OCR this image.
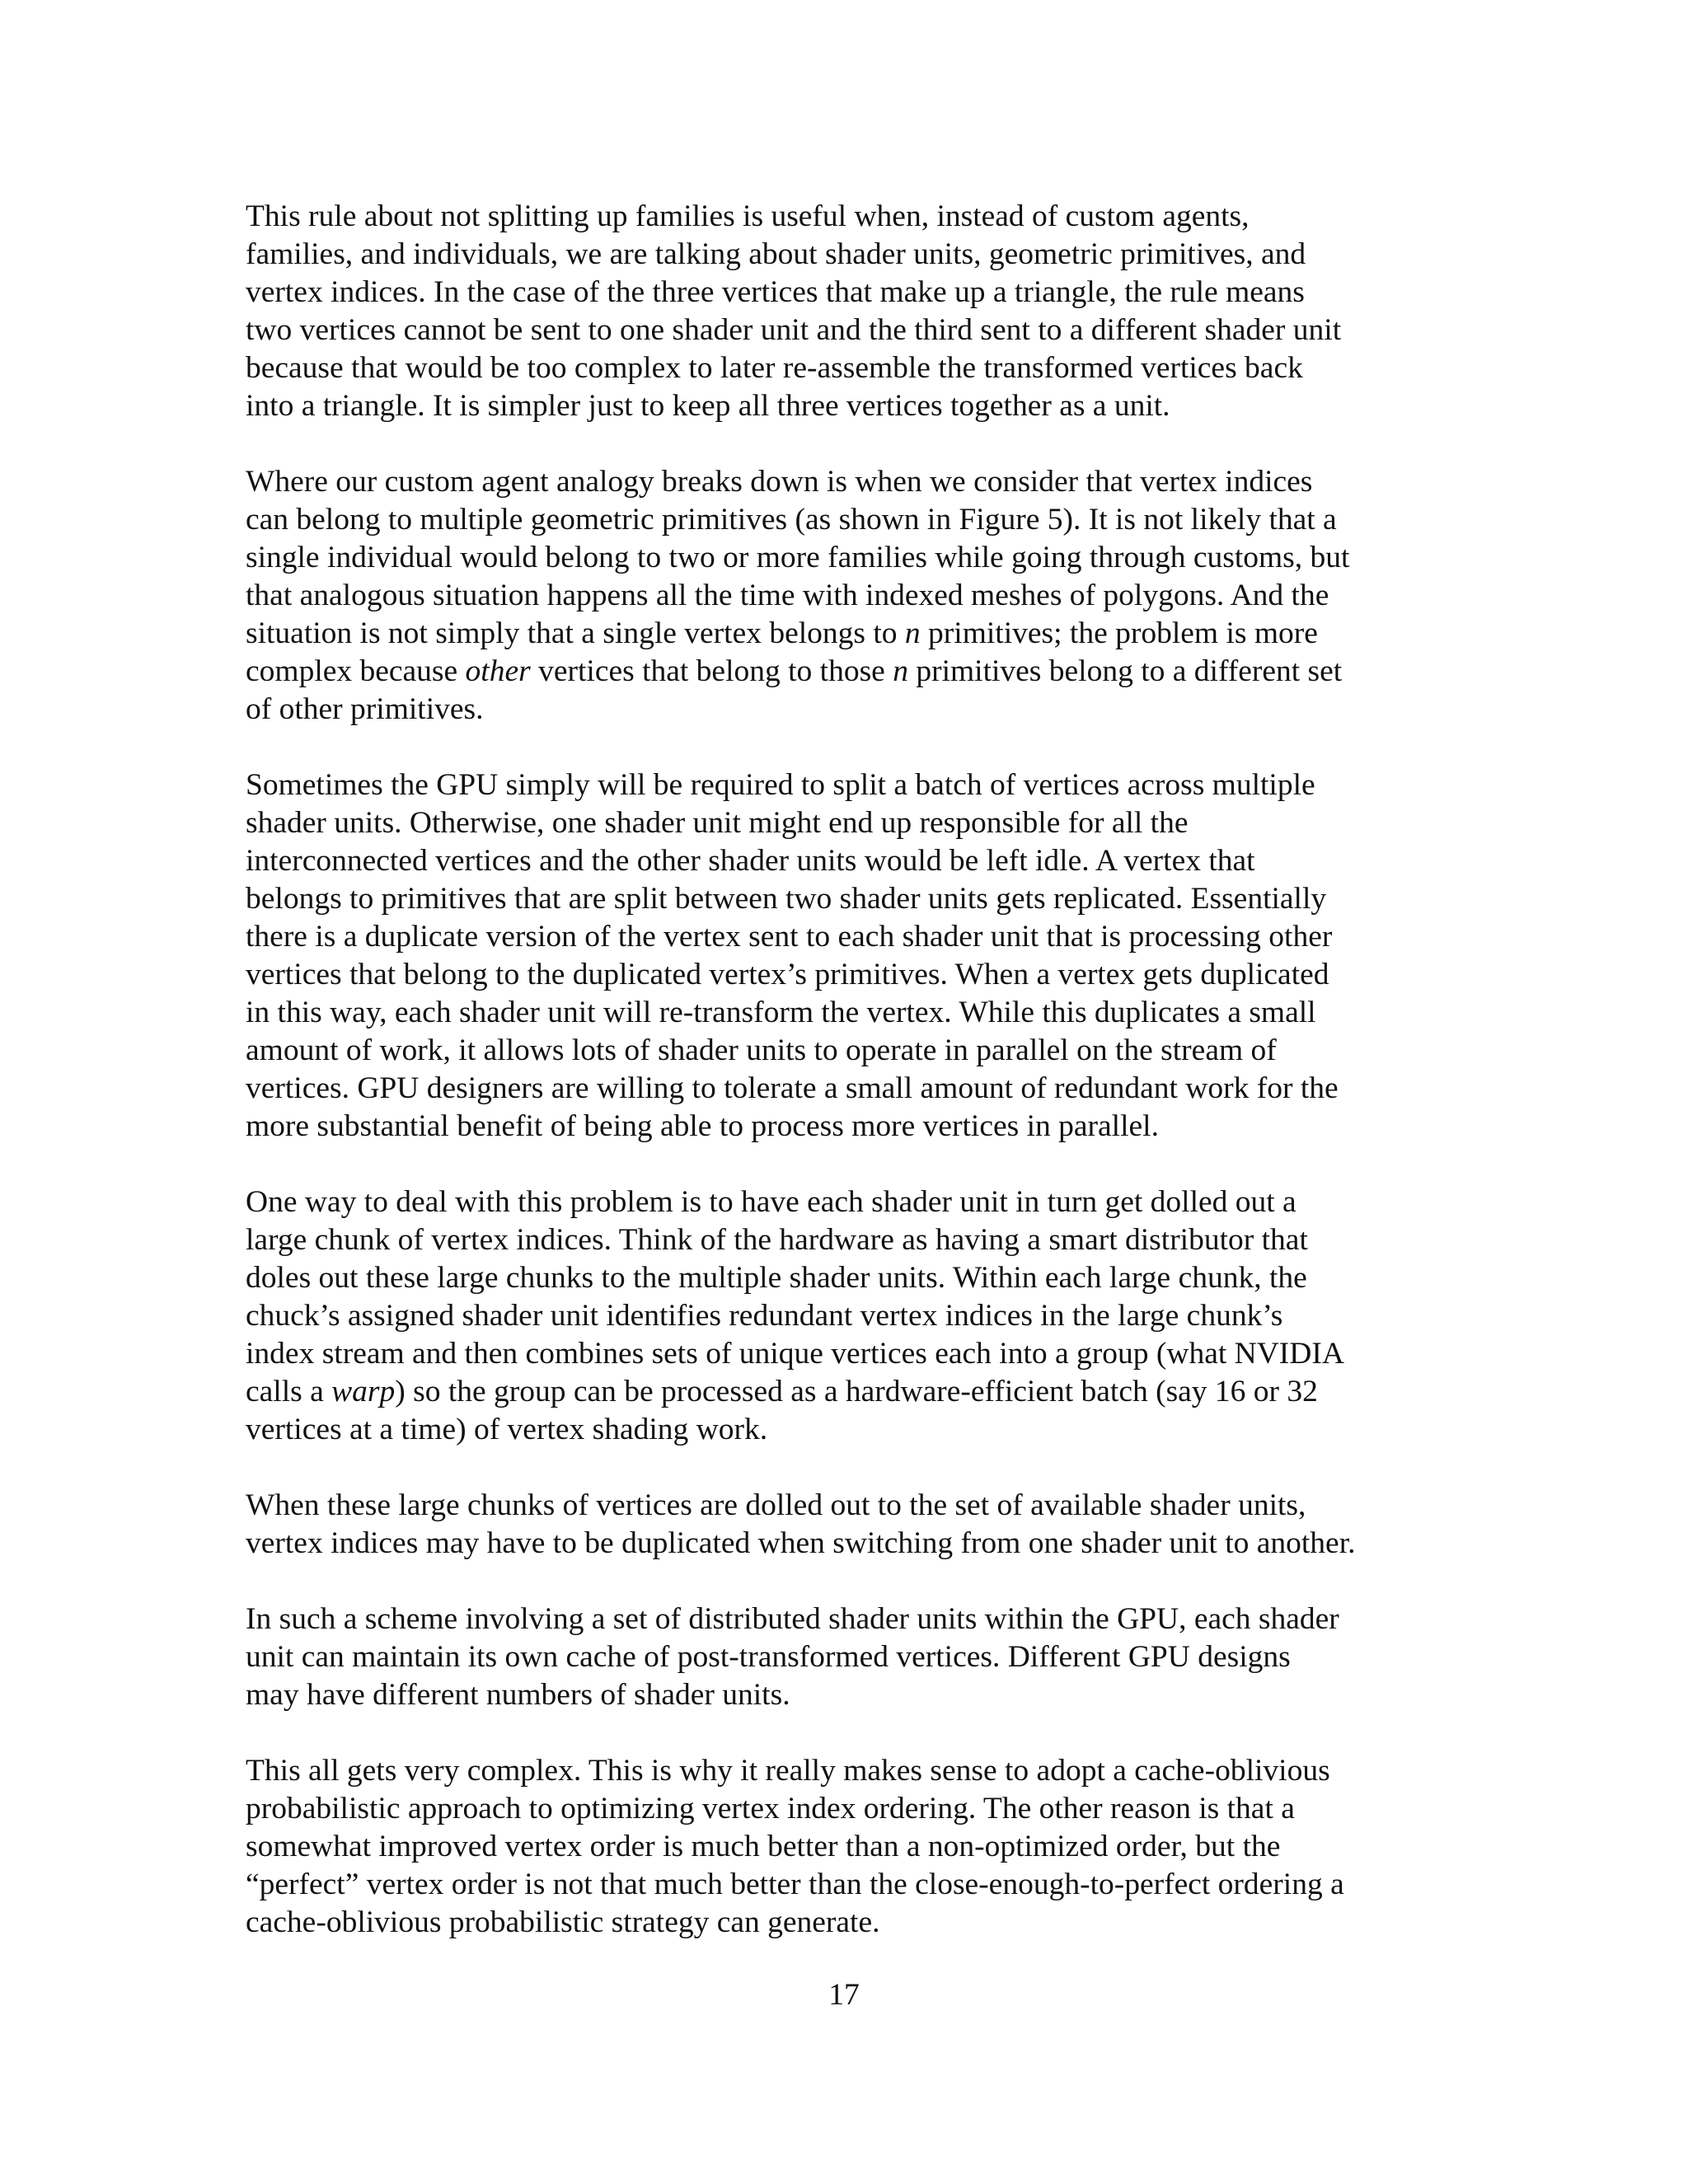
This rule about not splitting up families is useful when, instead of custom agents,
families, and individuals, we are talking about shader units, geometric primitives, and
vertex indices. In the case of the three vertices that make up a triangle, the rule means
two vertices cannot be sent to one shader unit and the third sent to a different shader unit
because that would be too complex to later re-assemble the transformed vertices back
into a triangle. It is simpler just to keep all three vertices together as a unit.

Where our custom agent analogy breaks down is when we consider that vertex indices
can belong to multiple geometric primitives (as shown in Figure 5). It is not likely that a
single individual would belong to two or more families while going through customs, but
that analogous situation happens all the time with indexed meshes of polygons. And the
situation is not simply that a single vertex belongs to n primitives; the problem is more
complex because other vertices that belong to those n primitives belong to a different set
of other primitives.

Sometimes the GPU simply will be required to split a batch of vertices across multiple
shader units. Otherwise, one shader unit might end up responsible for all the
interconnected vertices and the other shader units would be left idle. A vertex that
belongs to primitives that are split between two shader units gets replicated. Essentially
there is a duplicate version of the vertex sent to each shader unit that is processing other
vertices that belong to the duplicated vertex’s primitives. When a vertex gets duplicated
in this way, each shader unit will re-transform the vertex. While this duplicates a small
amount of work, it allows lots of shader units to operate in parallel on the stream of
vertices. GPU designers are willing to tolerate a small amount of redundant work for the
more substantial benefit of being able to process more vertices in parallel.

One way to deal with this problem is to have each shader unit in turn get dolled out a
large chunk of vertex indices. Think of the hardware as having a smart distributor that
doles out these large chunks to the multiple shader units. Within each large chunk, the
chuck’s assigned shader unit identifies redundant vertex indices in the large chunk’s
index stream and then combines sets of unique vertices each into a group (what NVIDIA
calls a warp) so the group can be processed as a hardware-efficient batch (say 16 or 32
vertices at a time) of vertex shading work.

When these large chunks of vertices are dolled out to the set of available shader units,
vertex indices may have to be duplicated when switching from one shader unit to another.

In such a scheme involving a set of distributed shader units within the GPU, each shader
unit can maintain its own cache of post-transformed vertices. Different GPU designs
may have different numbers of shader units.

This all gets very complex. This is why it really makes sense to adopt a cache-oblivious
probabilistic approach to optimizing vertex index ordering. The other reason is that a
somewhat improved vertex order is much better than a non-optimized order, but the
“perfect” vertex order is not that much better than the close-enough-to-perfect ordering a
cache-oblivious probabilistic strategy can generate.

17
